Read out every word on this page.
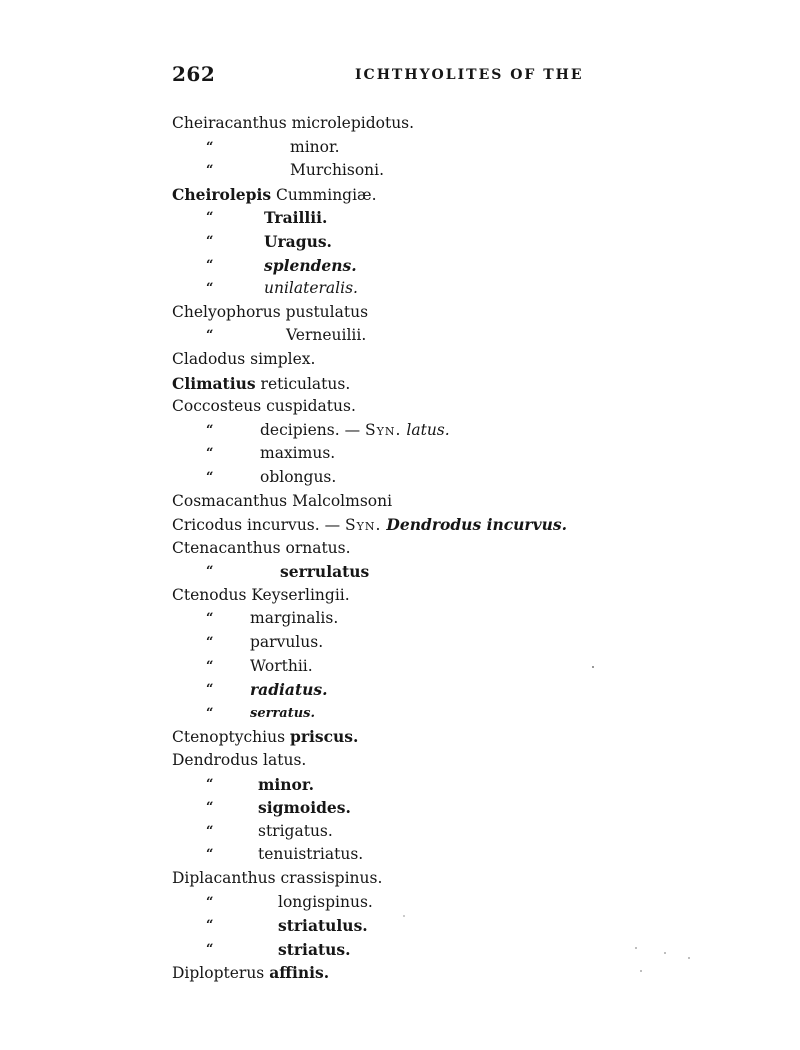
262	ICHTHYOLITES OF THE
Cheiracanthus microlepidotus.
“	minor.
“	Murchisoni.
Cheirolepis Cummingiæ.
“	Traillii.
“	Uragus.
“	splendens.
“	unilateralis.
Chelyophorus pustulatus
“	Verneuilii.
Cladodus simplex.
Climatius reticulatus.
Coccosteus cuspidatus.
“	decipiens. — Syn. latus.
“	maximus.
“	oblongus.
Cosmacanthus Malcolmsoni
Cricodus incurvus. — Syn. Dendrodus incurvus.
Ctenacanthus ornatus.
“	serrulatus
Ctenodus Keyserlingii.
“ marginalis.
“ parvulus.
“ Worthii.
“ radiatus.
“	serratus.
Ctenoptychius priscus.
Dendrodus latus.
“	minor.
“	sigmoides.
“	strigatus.
“	tenuistriatus.
Diplacanthus crassispinus.
“	longispinus.
“	striatulus.
“	striatus.
Diplopterus affinis.
